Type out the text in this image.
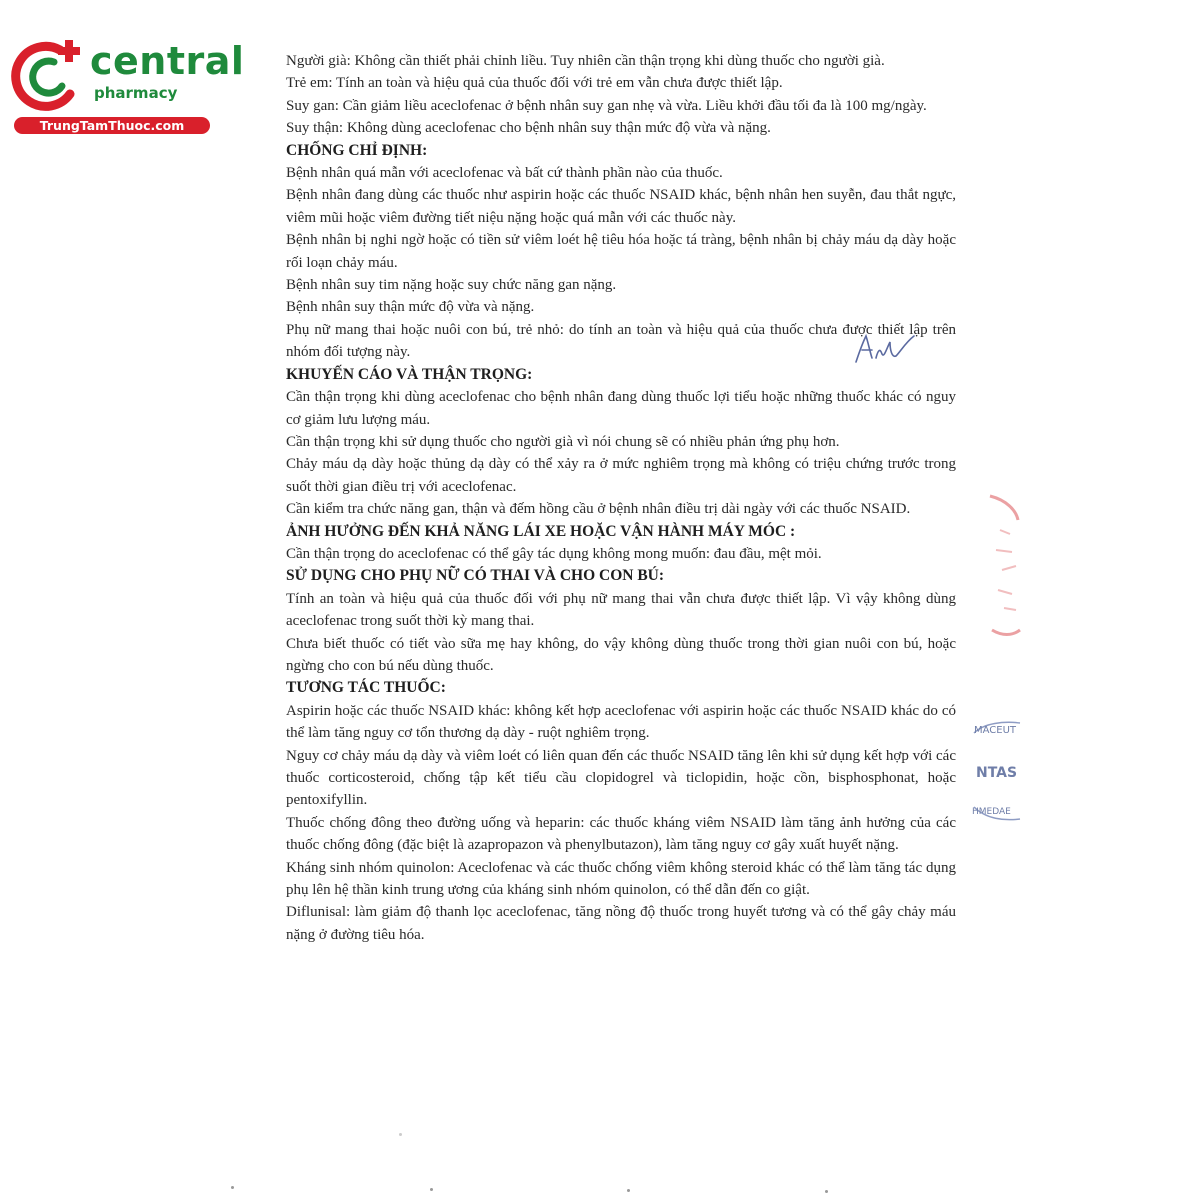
central
pharmacy
TrungTamThuoc.com

Người già: Không cần thiết phải chỉnh liều. Tuy nhiên cần thận trọng khi dùng thuốc cho người già.

Trẻ em: Tính an toàn và hiệu quả của thuốc đối với trẻ em vẫn chưa được thiết lập.

Suy gan: Cần giảm liều aceclofenac ở bệnh nhân suy gan nhẹ và vừa. Liều khởi đầu tối đa là 100 mg/ngày.

Suy thận: Không dùng aceclofenac cho bệnh nhân suy thận mức độ vừa và nặng.

CHỐNG CHỈ ĐỊNH:

Bệnh nhân quá mẫn với aceclofenac và bất cứ thành phần nào của thuốc.

Bệnh nhân đang dùng các thuốc như aspirin hoặc các thuốc NSAID khác, bệnh nhân hen suyễn, đau thắt ngực, viêm mũi hoặc viêm đường tiết niệu nặng hoặc quá mẫn với các thuốc này.

Bệnh nhân bị nghi ngờ hoặc có tiền sử viêm loét hệ tiêu hóa hoặc tá tràng, bệnh nhân bị chảy máu dạ dày hoặc rối loạn chảy máu.

Bệnh nhân suy tim nặng hoặc suy chức năng gan nặng.

Bệnh nhân suy thận mức độ vừa và nặng.

Phụ nữ mang thai hoặc nuôi con bú, trẻ nhỏ: do tính an toàn và hiệu quả của thuốc chưa được thiết lập trên nhóm đối tượng này.

KHUYẾN CÁO VÀ THẬN TRỌNG:

Cần thận trọng khi dùng aceclofenac cho bệnh nhân đang dùng thuốc lợi tiểu hoặc những thuốc khác có nguy cơ giảm lưu lượng máu.

Cần thận trọng khi sử dụng thuốc cho người già vì nói chung sẽ có nhiều phản ứng phụ hơn.

Chảy máu dạ dày hoặc thủng dạ dày có thể xảy ra ở mức nghiêm trọng mà không có triệu chứng trước trong suốt thời gian điều trị với aceclofenac.

Cần kiểm tra chức năng gan, thận và đếm hồng cầu ở bệnh nhân điều trị dài ngày với các thuốc NSAID.

ẢNH HƯỞNG ĐẾN KHẢ NĂNG LÁI XE HOẶC VẬN HÀNH MÁY MÓC :

Cần thận trọng do aceclofenac có thể gây tác dụng không mong muốn: đau đầu, mệt mỏi.

SỬ DỤNG CHO PHỤ NỮ CÓ THAI VÀ CHO CON BÚ:

Tính an toàn và hiệu quả của thuốc đối với phụ nữ mang thai vẫn chưa được thiết lập. Vì vậy không dùng aceclofenac trong suốt thời kỳ mang thai.

Chưa biết thuốc có tiết vào sữa mẹ hay không, do vậy không dùng thuốc trong thời gian nuôi con bú, hoặc ngừng cho con bú nếu dùng thuốc.

TƯƠNG TÁC THUỐC:

Aspirin hoặc các thuốc NSAID khác: không kết hợp aceclofenac với aspirin hoặc các thuốc NSAID khác do có thể làm tăng nguy cơ tổn thương dạ dày - ruột nghiêm trọng.

Nguy cơ chảy máu dạ dày và viêm loét có liên quan đến các thuốc NSAID tăng lên khi sử dụng kết hợp với các thuốc corticosteroid, chống tập kết tiểu cầu clopidogrel và ticlopidin, hoặc cồn, bisphosphonat, hoặc pentoxifyllin.

Thuốc chống đông theo đường uống và heparin: các thuốc kháng viêm NSAID làm tăng ảnh hưởng của các thuốc chống đông (đặc biệt là azapropazon và phenylbutazon), làm tăng nguy cơ gây xuất huyết nặng.

Kháng sinh nhóm quinolon: Aceclofenac và các thuốc chống viêm không steroid khác có thể làm tăng tác dụng phụ lên hệ thần kinh trung ương của kháng sinh nhóm quinolon, có thể dẫn đến co giật.

Diflunisal: làm giảm độ thanh lọc aceclofenac, tăng nồng độ thuốc trong huyết tương và có thể gây chảy máu nặng ở đường tiêu hóa.

MACEUT
NTAS
HMEDAE
